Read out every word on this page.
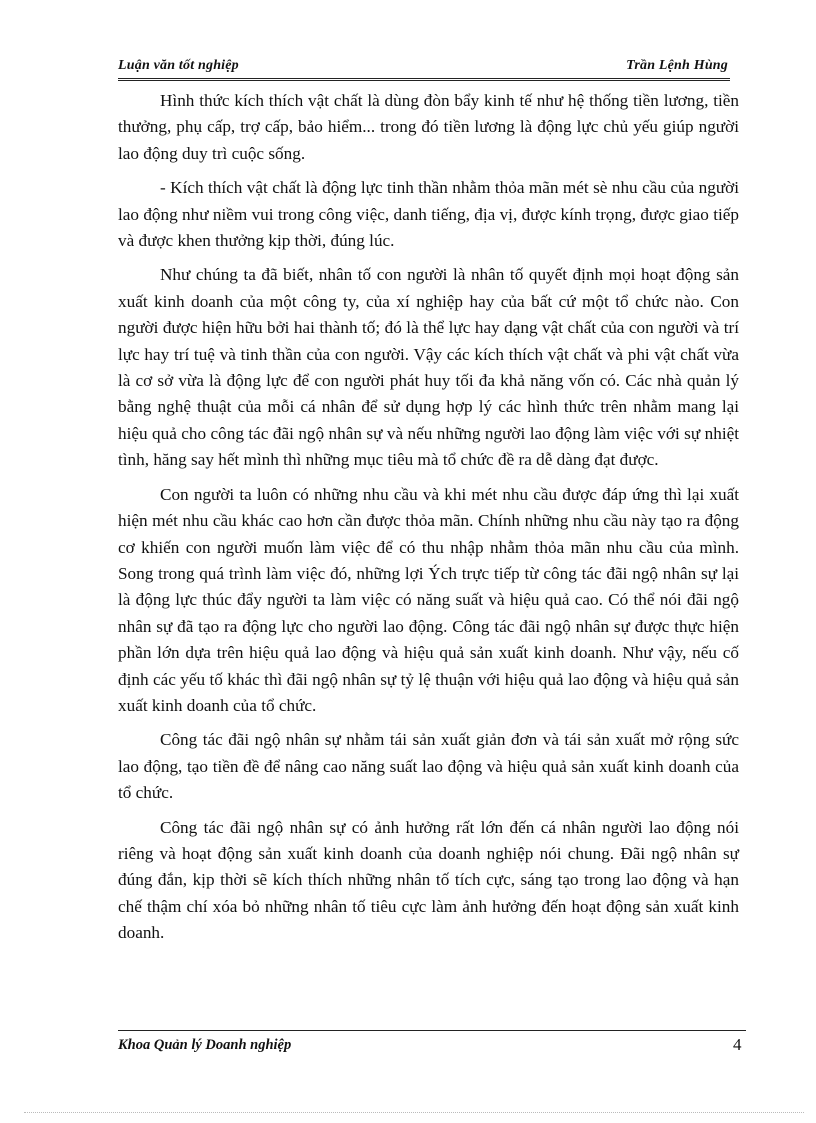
Luận văn tốt nghiệp	Trần Lệnh Hùng

Hình thức kích thích vật chất là dùng đòn bẩy kinh tế như hệ thống tiền lương, tiền thưởng, phụ cấp, trợ cấp, bảo hiểm... trong đó tiền lương là động lực chủ yếu giúp người lao động duy trì cuộc sống.

- Kích thích vật chất là động lực tinh thần nhằm thỏa mãn mét sè nhu cầu của người lao động như niềm vui trong công việc, danh tiếng, địa vị, được kính trọng, được giao tiếp và được khen thưởng kịp thời, đúng lúc.

Như chúng ta đã biết, nhân tố con người là nhân tố quyết định mọi hoạt động sản xuất kinh doanh của một công ty, của xí nghiệp hay của bất cứ một tổ chức nào. Con người được hiện hữu bởi hai thành tố; đó là thể lực hay dạng vật chất của con người và trí lực hay trí tuệ và tinh thần của con người. Vậy các kích thích vật chất và phi vật chất vừa là cơ sở vừa là động lực để con người phát huy tối đa khả năng vốn có. Các nhà quản lý bằng nghệ thuật của mỗi cá nhân để sử dụng hợp lý các hình thức trên nhằm mang lại hiệu quả cho công tác đãi ngộ nhân sự và nếu những người lao động làm việc với sự nhiệt tình, hăng say hết mình thì những mục tiêu mà tổ chức đề ra dễ dàng đạt được.

Con người ta luôn có những nhu cầu và khi mét nhu cầu được đáp ứng thì lại xuất hiện mét nhu cầu khác cao hơn cần được thỏa mãn. Chính những nhu cầu này tạo ra động cơ khiến con người muốn làm việc để có thu nhập nhằm thỏa mãn nhu cầu của mình. Song trong quá trình làm việc đó, những lợi Ých trực tiếp từ công tác đãi ngộ nhân sự lại là động lực thúc đẩy người ta làm việc có năng suất và hiệu quả cao. Có thể nói đãi ngộ nhân sự đã tạo ra động lực cho người lao động. Công tác đãi ngộ nhân sự được thực hiện phần lớn dựa trên hiệu quả lao động và hiệu quả sản xuất kinh doanh. Như vậy, nếu cố định các yếu tố khác thì đãi ngộ nhân sự tỷ lệ thuận với hiệu quả lao động và hiệu quả sản xuất kinh doanh của tổ chức.

Công tác đãi ngộ nhân sự nhằm tái sản xuất giản đơn và tái sản xuất mở rộng sức lao động, tạo tiền đề để nâng cao năng suất lao động và hiệu quả sản xuất kinh doanh của tổ chức.

Công tác đãi ngộ nhân sự có ảnh hưởng rất lớn đến cá nhân người lao động nói riêng và hoạt động sản xuất kinh doanh của doanh nghiệp nói chung. Đãi ngộ nhân sự đúng đắn, kịp thời sẽ kích thích những nhân tố tích cực, sáng tạo trong lao động và hạn chế thậm chí xóa bỏ những nhân tố tiêu cực làm ảnh hưởng đến hoạt động sản xuất kinh doanh.

Khoa Quản lý Doanh nghiệp	4
